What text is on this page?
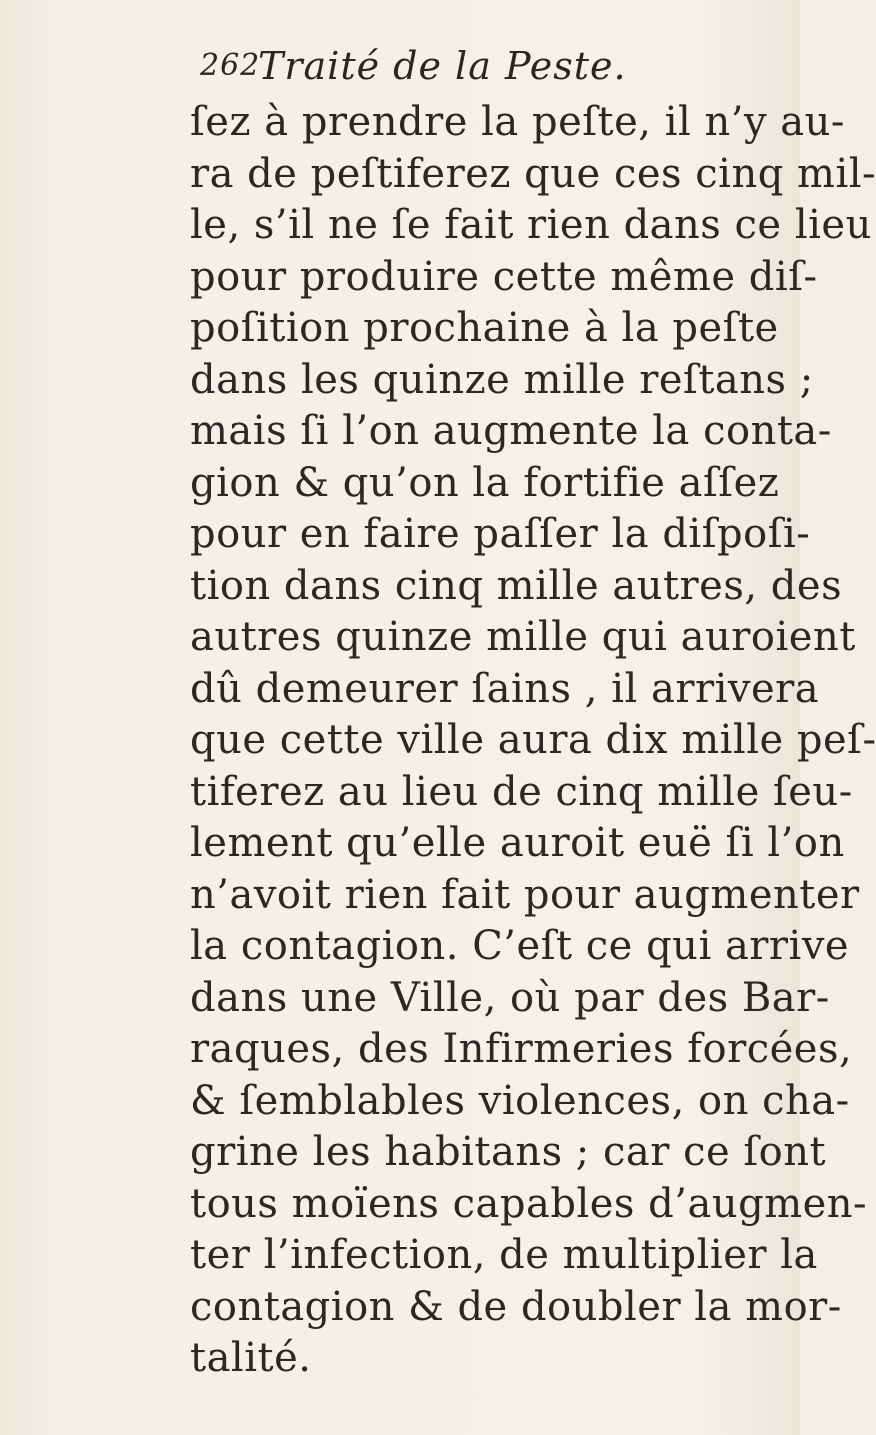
262
Traité de la Peste.
ſez à prendre la peſte, il n’y au-
ra de peſtiferez que ces cinq mil-
le, s’il ne ſe fait rien dans ce lieu
pour produire cette même diſ-
poſition prochaine à la peſte
dans les quinze mille reſtans ;
mais ſi l’on augmente la conta-
gion & qu’on la fortifie aſſez
pour en faire paſſer la diſpoſi-
tion dans cinq mille autres, des
autres quinze mille qui auroient
dû demeurer ſains , il arrivera
que cette ville aura dix mille peſ-
tiferez au lieu de cinq mille ſeu-
lement qu’elle auroit euë ſi l’on
n’avoit rien fait pour augmenter
la contagion. C’eſt ce qui arrive
dans une Ville, où par des Bar-
raques, des Infirmeries forcées,
& ſemblables violences, on cha-
grine les habitans ; car ce ſont
tous moïens capables d’augmen-
ter l’infection, de multiplier la
contagion & de doubler la mor-
talité.
